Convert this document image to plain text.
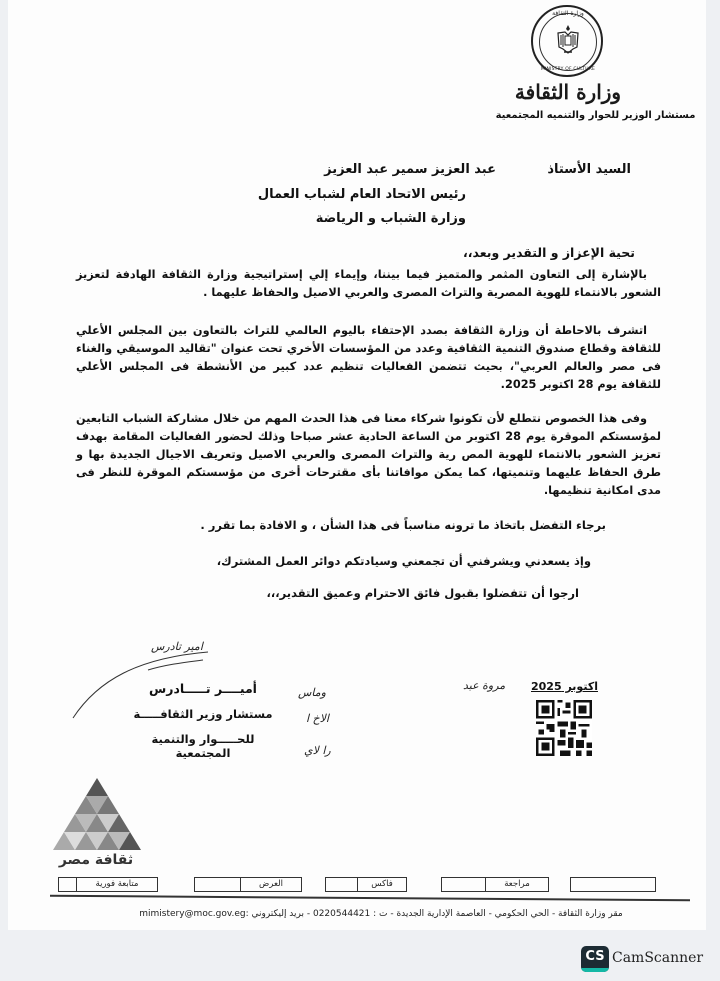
وزارة الثقافة
MINISTRY OF CULTURE
وزارة الثقافة
مستشار الوزير للحوار والتنميه المجتمعية
السيد الأستاذ
عبد العزيز سمير عبد العزيز
رئيس الاتحاد العام لشباب العمال
وزارة الشباب و الرياضة
تحية الإعزاز و التقدير وبعد،،
بالإشارة إلى التعاون المثمر والمتميز فيما بيننا، وإيماء إلي إستراتيجية وزارة الثقافة الهادفة لتعزيز الشعور بالانتماء للهوية المصرية والتراث المصرى والعربي الاصيل والحفاظ عليهما .
اتشرف بالاحاطة أن وزارة الثقافة بصدد الإحتفاء باليوم العالمي للتراث بالتعاون بين المجلس الأعلي للثقافة وقطاع صندوق التنمية الثقافية وعدد من المؤسسات الأخري تحت عنوان "تقاليد الموسيقي والغناء فى مصر والعالم العربي"، بحيث تتضمن الفعاليات تنظيم عدد كبير من الأنشطة فى المجلس الأعلي للثقافة يوم 28 اكتوبر 2025.
وفى هذا الخصوص نتطلع لأن تكونوا شركاء معنا فى هذا الحدث المهم من خلال مشاركة الشباب التابعين لمؤسستكم الموقرة يوم 28 اكتوبر من الساعة الحادية عشر صباحا وذلك لحضور الفعاليات المقامة بهدف تعزيز الشعور بالانتماء للهوية المص رية والتراث المصرى والعربي الاصيل وتعريف الاجيال الجديدة بها و طرق الحفاظ عليهما وتنميتها، كما يمكن موافاتنا بأى مقترحات أخرى من مؤسستكم الموقرة للنظر فى مدى امكانية تنظيمها.
برجاء التفضل باتخاذ ما ترونه مناسباً فى هذا الشأن ، و الافادة بما تقرر .
وإذ يسعدني ويشرفني أن تجمعني وسيادتكم دوائر العمل المشترك،
ارجوا أن تتفضلوا بقبول فائق الاحترام وعميق التقدير،،،
امير تادرس
أميــــر تـــــادرس
مستشار وزير الثقافـــــة
للحـــــوار والتنمية المجتمعية
وماس
الاخ ا
را لاي
اكتوبر 2025
مروة عبد
ثقافة مصر
متابعة فورية	العرض	فاكس	مراجعة
مقر وزارة الثقافة - الحي الحكومي - العاصمة الإدارية الجديدة - ت : 0220544421 - بريد إليكتروني :mimistery@moc.gov.eg
CS CamScanner
